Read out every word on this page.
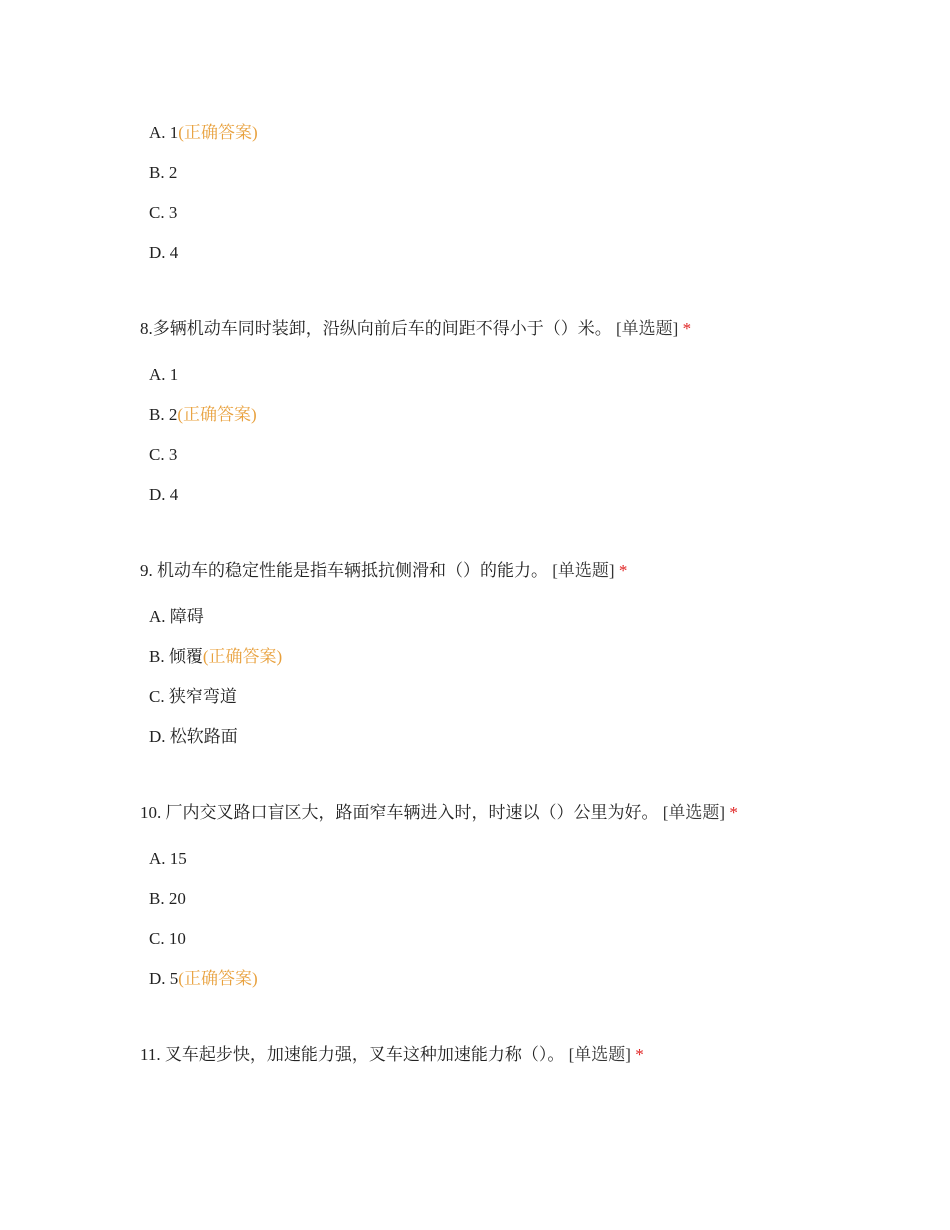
A. 1(正确答案)
B. 2
C. 3
D. 4
8.多辆机动车同时装卸，沿纵向前后车的间距不得小于（）米。 [单选题] *
A. 1
B. 2(正确答案)
C. 3
D. 4
9. 机动车的稳定性能是指车辆抵抗侧滑和（）的能力。 [单选题] *
A. 障碍
B. 倾覆(正确答案)
C. 狭窄弯道
D. 松软路面
10. 厂内交叉路口盲区大，路面窄车辆进入时，时速以（）公里为好。 [单选题] *
A. 15
B. 20
C. 10
D. 5(正确答案)
11. 叉车起步快，加速能力强，叉车这种加速能力称（）。 [单选题] *
